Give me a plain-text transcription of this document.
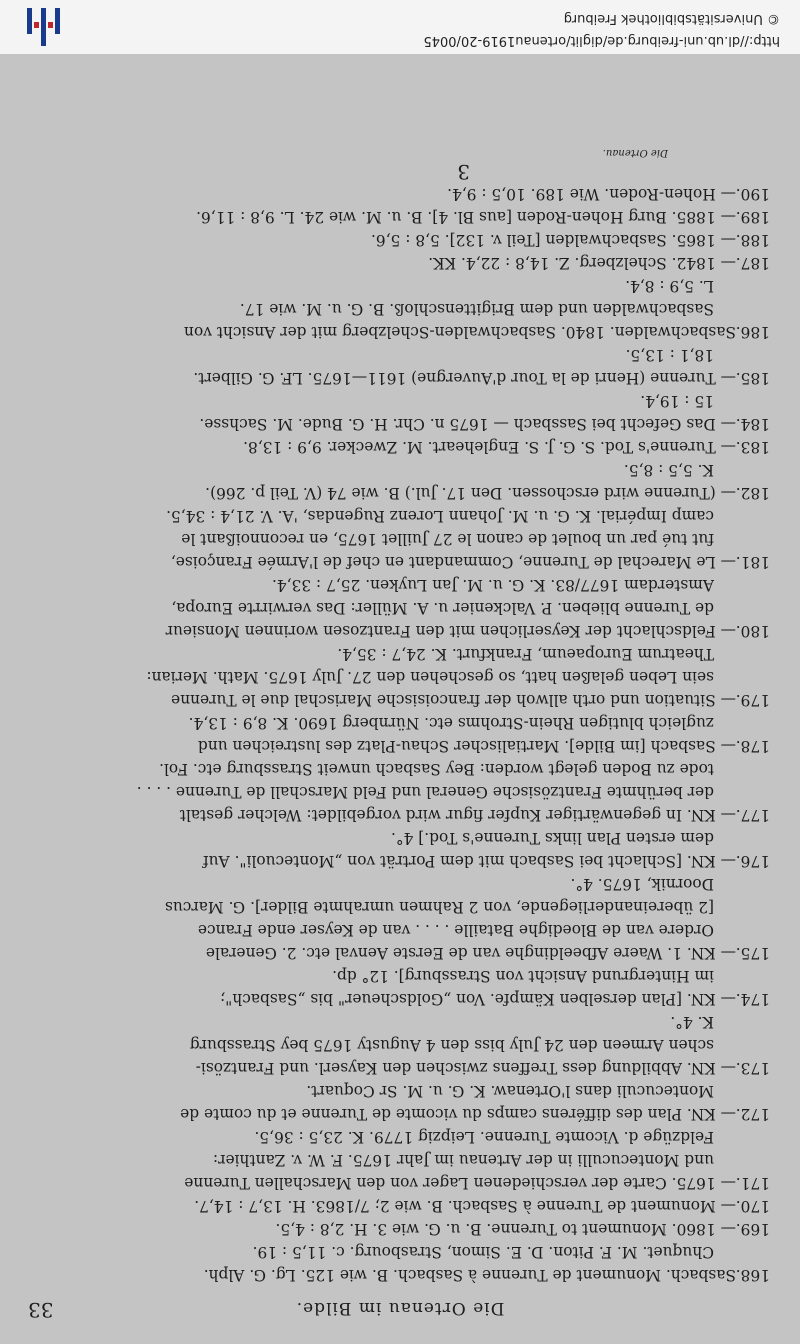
Die Ortenau im Bilde.
33
168.
Sasbach. Monument de Turenne à Sasbach. B. wie 125. Lg. G. Alph.
Chuquet. M. F. Piton. D. E. Simon, Strasbourg. c. 11,5 : 19.
169.
— 1860. Monument to Turenne. B. u. G. wie 3. H. 2,8 : 4,5.
170.
— Monument de Turenne à Sasbach. B. wie 2; 7/1863. H. 13,7 : 14,7.
171.
— 1675. Carte der verschiedenen Lager von den Marschallen Turenne
und Montecuculli in der Artenau im Jahr 1675. F. W. v. Zanthier:
Feldzüge d. Vicomte Turenne. Leipzig 1779. K. 23,5 : 36,5.
172.
— KN. Plan des différens camps du vicomte de Turenne et du comte de
Montecuculi dans l'Ortenaw. K. G. u. M. Sr Coquart.
173.
— KN. Abbildung dess Treffens zwischen den Kayserl. und Frantzösi-
schen Armeen den 24 July biss den 4 Augusty 1675 bey Strassburg
K. 4°.
174.
— KN. [Plan derselben Kämpfe. Von „Goldscheuer" bis „Sasbach";
im Hintergrund Ansicht von Strassburg]. 12° dp.
175.
— KN. 1. Waere Afbeeldinghe van de Eerste Aenval etc. 2. Generale
Ordere van de Bloedighe Bataille . . . . van de Keyser ende France
[2 übereinanderliegende, von 2 Rahmen umrahmte Bilder]. G. Marcus
Doornik, 1675. 4°.
176.
— KN. [Schlacht bei Sasbach mit dem Porträt von „Montecuoli". Auf
dem ersten Plan links Turenne's Tod.] 4°.
177.
— KN. In gegenwärtiger Kupfer figur wird vorgebildet: Welcher gestalt
der berühmte Frantzösische General und Feld Marschall de Turenne . . . .
tode zu Boden gelegt worden: Bey Sasbach unweit Strassburg etc. Fol.
178.
— Sasbach [im Bilde]. Martialischer Schau-Platz des lustreichen und
zugleich blutigen Rhein-Strohms etc. Nürnberg 1690. K. 8,9 : 13,4.
179.
— Situation und orth allwoh der francoisische Marischal due le Turenne
sein Leben gelaßen hatt, so geschehen den 27. July 1675. Math. Merian:
Theatrum Europaeum, Frankfurt. K. 24,7 : 35,4.
180.
— Feldschlacht der Keyserlichen mit den Frantzosen worinnen Monsieur
de Turenne blieben. P. Valckenier u. A. Müller: Das verwirrte Europa,
Amsterdam 1677/83. K. G. u. M. Jan Luyken. 25,7 : 33,4.
181.
— Le Marechal de Turenne, Commandant en chef de l'Armée Françoise,
fut tué par un boulet de canon le 27 Juillet 1675, en reconnoißant le
camp Impérial. K. G. u. M. Johann Lorenz Rugendas, 'A. V. 21,4 : 34,5.
182.
— (Turenne wird erschossen. Den 17. Jul.) B. wie 74 (V. Teil p. 266).
K. 5,5 : 8,5.
183.
— Turenne's Tod. S. G. J. S. Engleheart. M. Zwecker. 9,9 : 13,8.
184.
— Das Gefecht bei Sassbach — 1675 n. Chr. H. G. Bude. M. Sachsse.
15 : 19,4.
185.
— Turenne (Henri de la Tour d'Auvergne) 1611—1675. LF. G. Gilbert.
18,1 : 13,5.
186.
Sasbachwalden. 1840. Sasbachwalden-Schelzberg mit der Ansicht von
Sasbachwalden und dem Brigittenschloß. B. G. u. M. wie 17.
L. 5,9 : 8,4.
187.
— 1842. Schelzberg. Z. 14,8 : 22,4. KK.
188.
— 1865. Sasbachwalden [Teil v. 132]. 5,8 : 5,6.
189.
— 1885. Burg Hohen-Roden [aus Bl. 4]. B. u. M. wie 24. L. 9,8 : 11,6.
190.
— Hohen-Roden. Wie 189. 10,5 : 9,4.
Die Ortenau.
3
http://dl.ub.uni-freiburg.de/diglit/ortenau1919-20/0045
© Universitätsbibliothek Freiburg
